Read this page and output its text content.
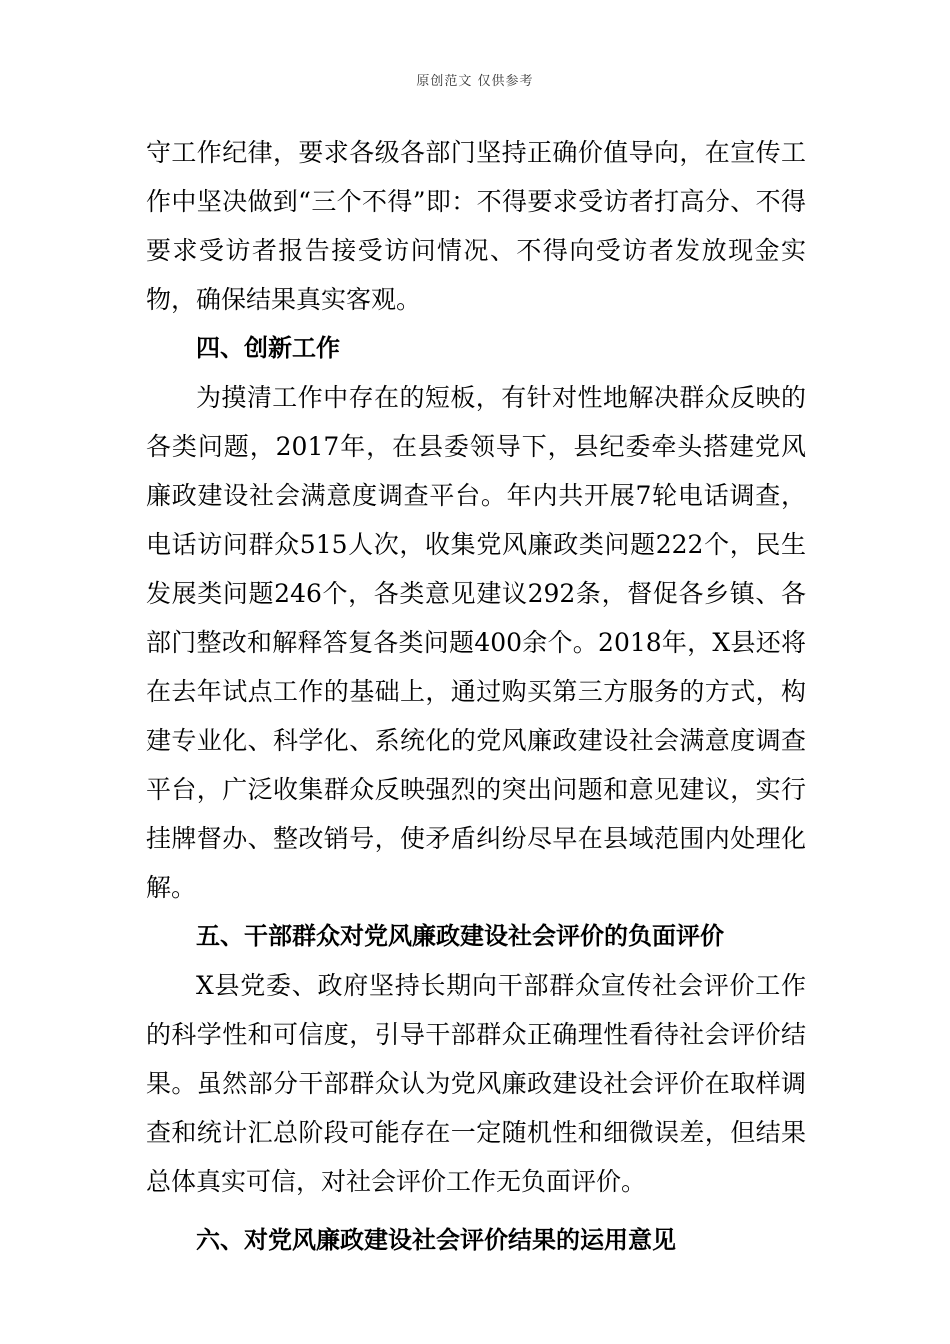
原创范文 仅供参考

守工作纪律，要求各级各部门坚持正确价值导向，在宣传工作中坚决做到“三个不得”即：不得要求受访者打高分、不得要求受访者报告接受访问情况、不得向受访者发放现金实物，确保结果真实客观。

四、创新工作

为摸清工作中存在的短板，有针对性地解决群众反映的各类问题，2017年，在县委领导下，县纪委牵头搭建党风廉政建设社会满意度调查平台。年内共开展7轮电话调查，电话访问群众515人次，收集党风廉政类问题222个，民生发展类问题246个，各类意见建议292条，督促各乡镇、各部门整改和解释答复各类问题400余个。2018年，X县还将在去年试点工作的基础上，通过购买第三方服务的方式，构建专业化、科学化、系统化的党风廉政建设社会满意度调查平台，广泛收集群众反映强烈的突出问题和意见建议，实行挂牌督办、整改销号，使矛盾纠纷尽早在县域范围内处理化解。

五、干部群众对党风廉政建设社会评价的负面评价

X县党委、政府坚持长期向干部群众宣传社会评价工作的科学性和可信度，引导干部群众正确理性看待社会评价结果。虽然部分干部群众认为党风廉政建设社会评价在取样调查和统计汇总阶段可能存在一定随机性和细微误差，但结果总体真实可信，对社会评价工作无负面评价。

六、对党风廉政建设社会评价结果的运用意见
